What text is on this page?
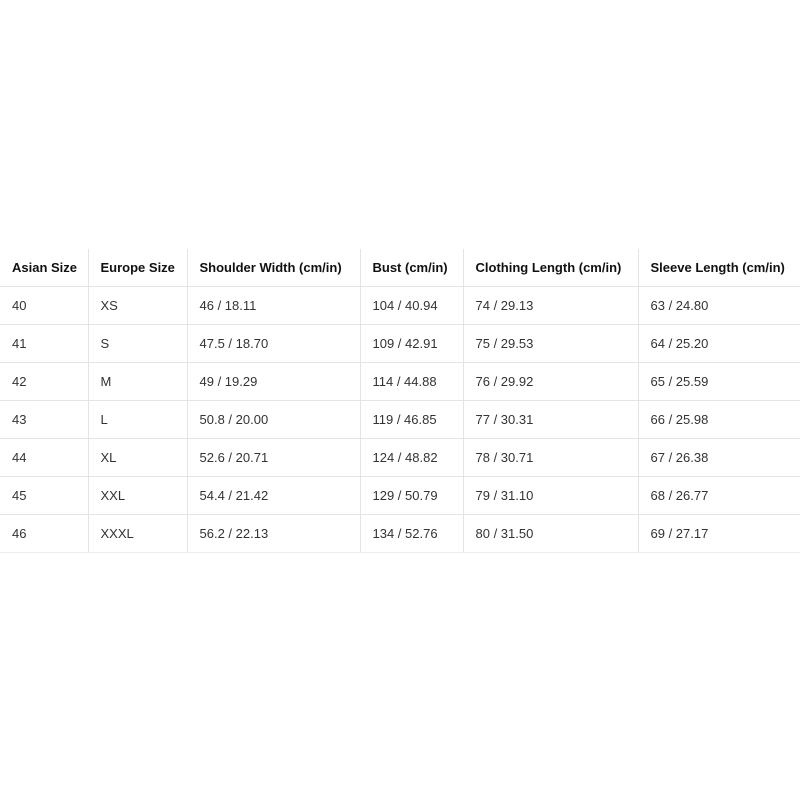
Asian Size	Europe Size	Shoulder Width (cm/in)	Bust (cm/in)	Clothing Length (cm/in)	Sleeve Length (cm/in)
40	XS	46 / 18.11	104 / 40.94	74 / 29.13	63 / 24.80
41	S	47.5 / 18.70	109 / 42.91	75 / 29.53	64 / 25.20
42	M	49 / 19.29	114 / 44.88	76 / 29.92	65 / 25.59
43	L	50.8 / 20.00	119 / 46.85	77 / 30.31	66 / 25.98
44	XL	52.6 / 20.71	124 / 48.82	78 / 30.71	67 / 26.38
45	XXL	54.4 / 21.42	129 / 50.79	79 / 31.10	68 / 26.77
46	XXXL	56.2 / 22.13	134 / 52.76	80 / 31.50	69 / 27.17
